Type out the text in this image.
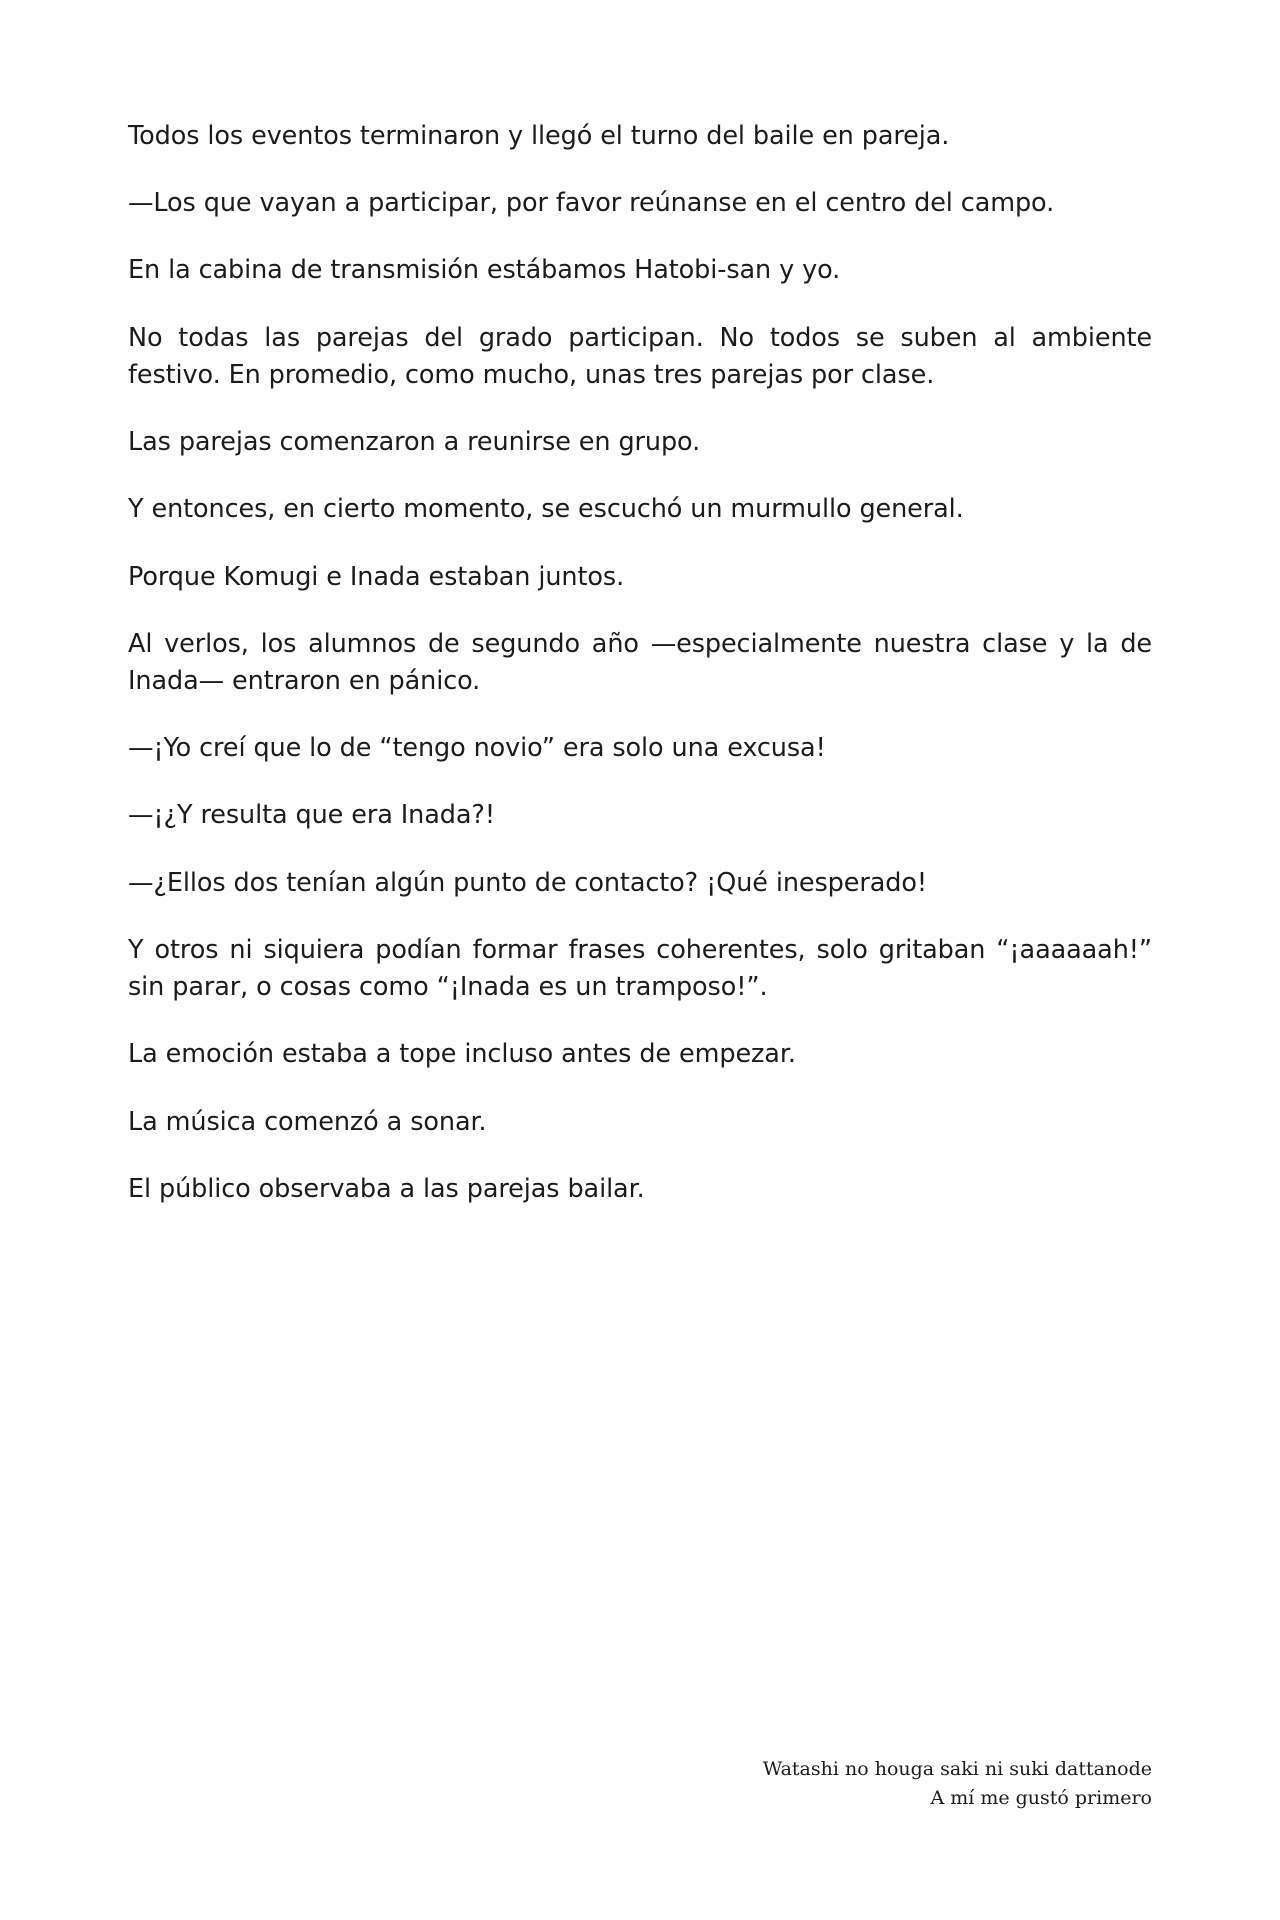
Todos los eventos terminaron y llegó el turno del baile en pareja.

—Los que vayan a participar, por favor reúnanse en el centro del campo.

En la cabina de transmisión estábamos Hatobi-san y yo.

No todas las parejas del grado participan. No todos se suben al ambiente festivo. En promedio, como mucho, unas tres parejas por clase.

Las parejas comenzaron a reunirse en grupo.

Y entonces, en cierto momento, se escuchó un murmullo general.

Porque Komugi e Inada estaban juntos.

Al verlos, los alumnos de segundo año —especialmente nuestra clase y la de Inada— entraron en pánico.

—¡Yo creí que lo de “tengo novio” era solo una excusa!

—¡¿Y resulta que era Inada?!

—¿Ellos dos tenían algún punto de contacto? ¡Qué inesperado!

Y otros ni siquiera podían formar frases coherentes, solo gritaban “¡aaaaaah!” sin parar, o cosas como “¡Inada es un tramposo!”.

La emoción estaba a tope incluso antes de empezar.

La música comenzó a sonar.

El público observaba a las parejas bailar.

Watashi no houga saki ni suki dattanode
A mí me gustó primero
